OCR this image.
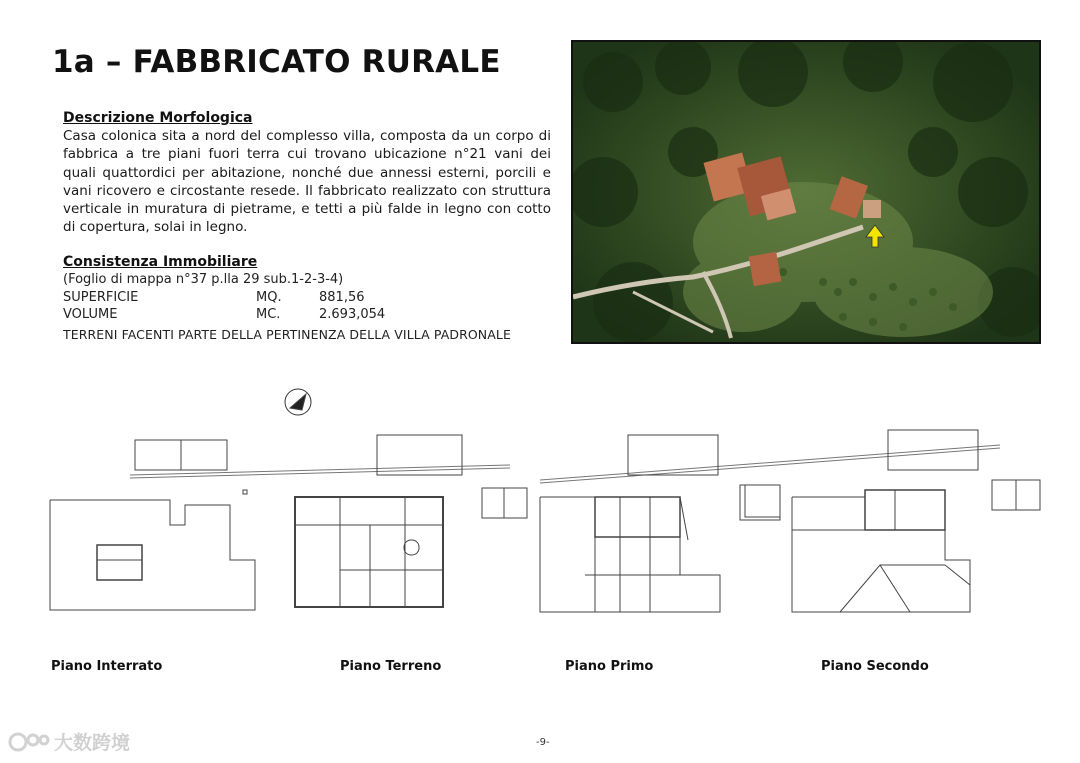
1a – FABBRICATO RURALE
Descrizione Morfologica
Casa colonica sita a nord del complesso villa, composta da un corpo di fabbrica a tre piani fuori terra cui trovano ubicazione n°21 vani dei quali quattordici per abitazione, nonché due annessi esterni, porcili e vani ricovero e circostante resede. Il fabbricato realizzato con struttura verticale in muratura di pietrame, e tetti a più falde in legno con cotto di copertura, solai in legno.
Consistenza Immobiliare
(Foglio di mappa n°37 p.lla 29 sub.1-2-3-4)
SUPERFICIE	MQ.	881,56
VOLUME	MC.	2.693,054
TERRENI FACENTI PARTE DELLA PERTINENZA DELLA VILLA PADRONALE
Piano Interrato	Piano Terreno	Piano Primo	Piano Secondo
-9-
大数跨境
